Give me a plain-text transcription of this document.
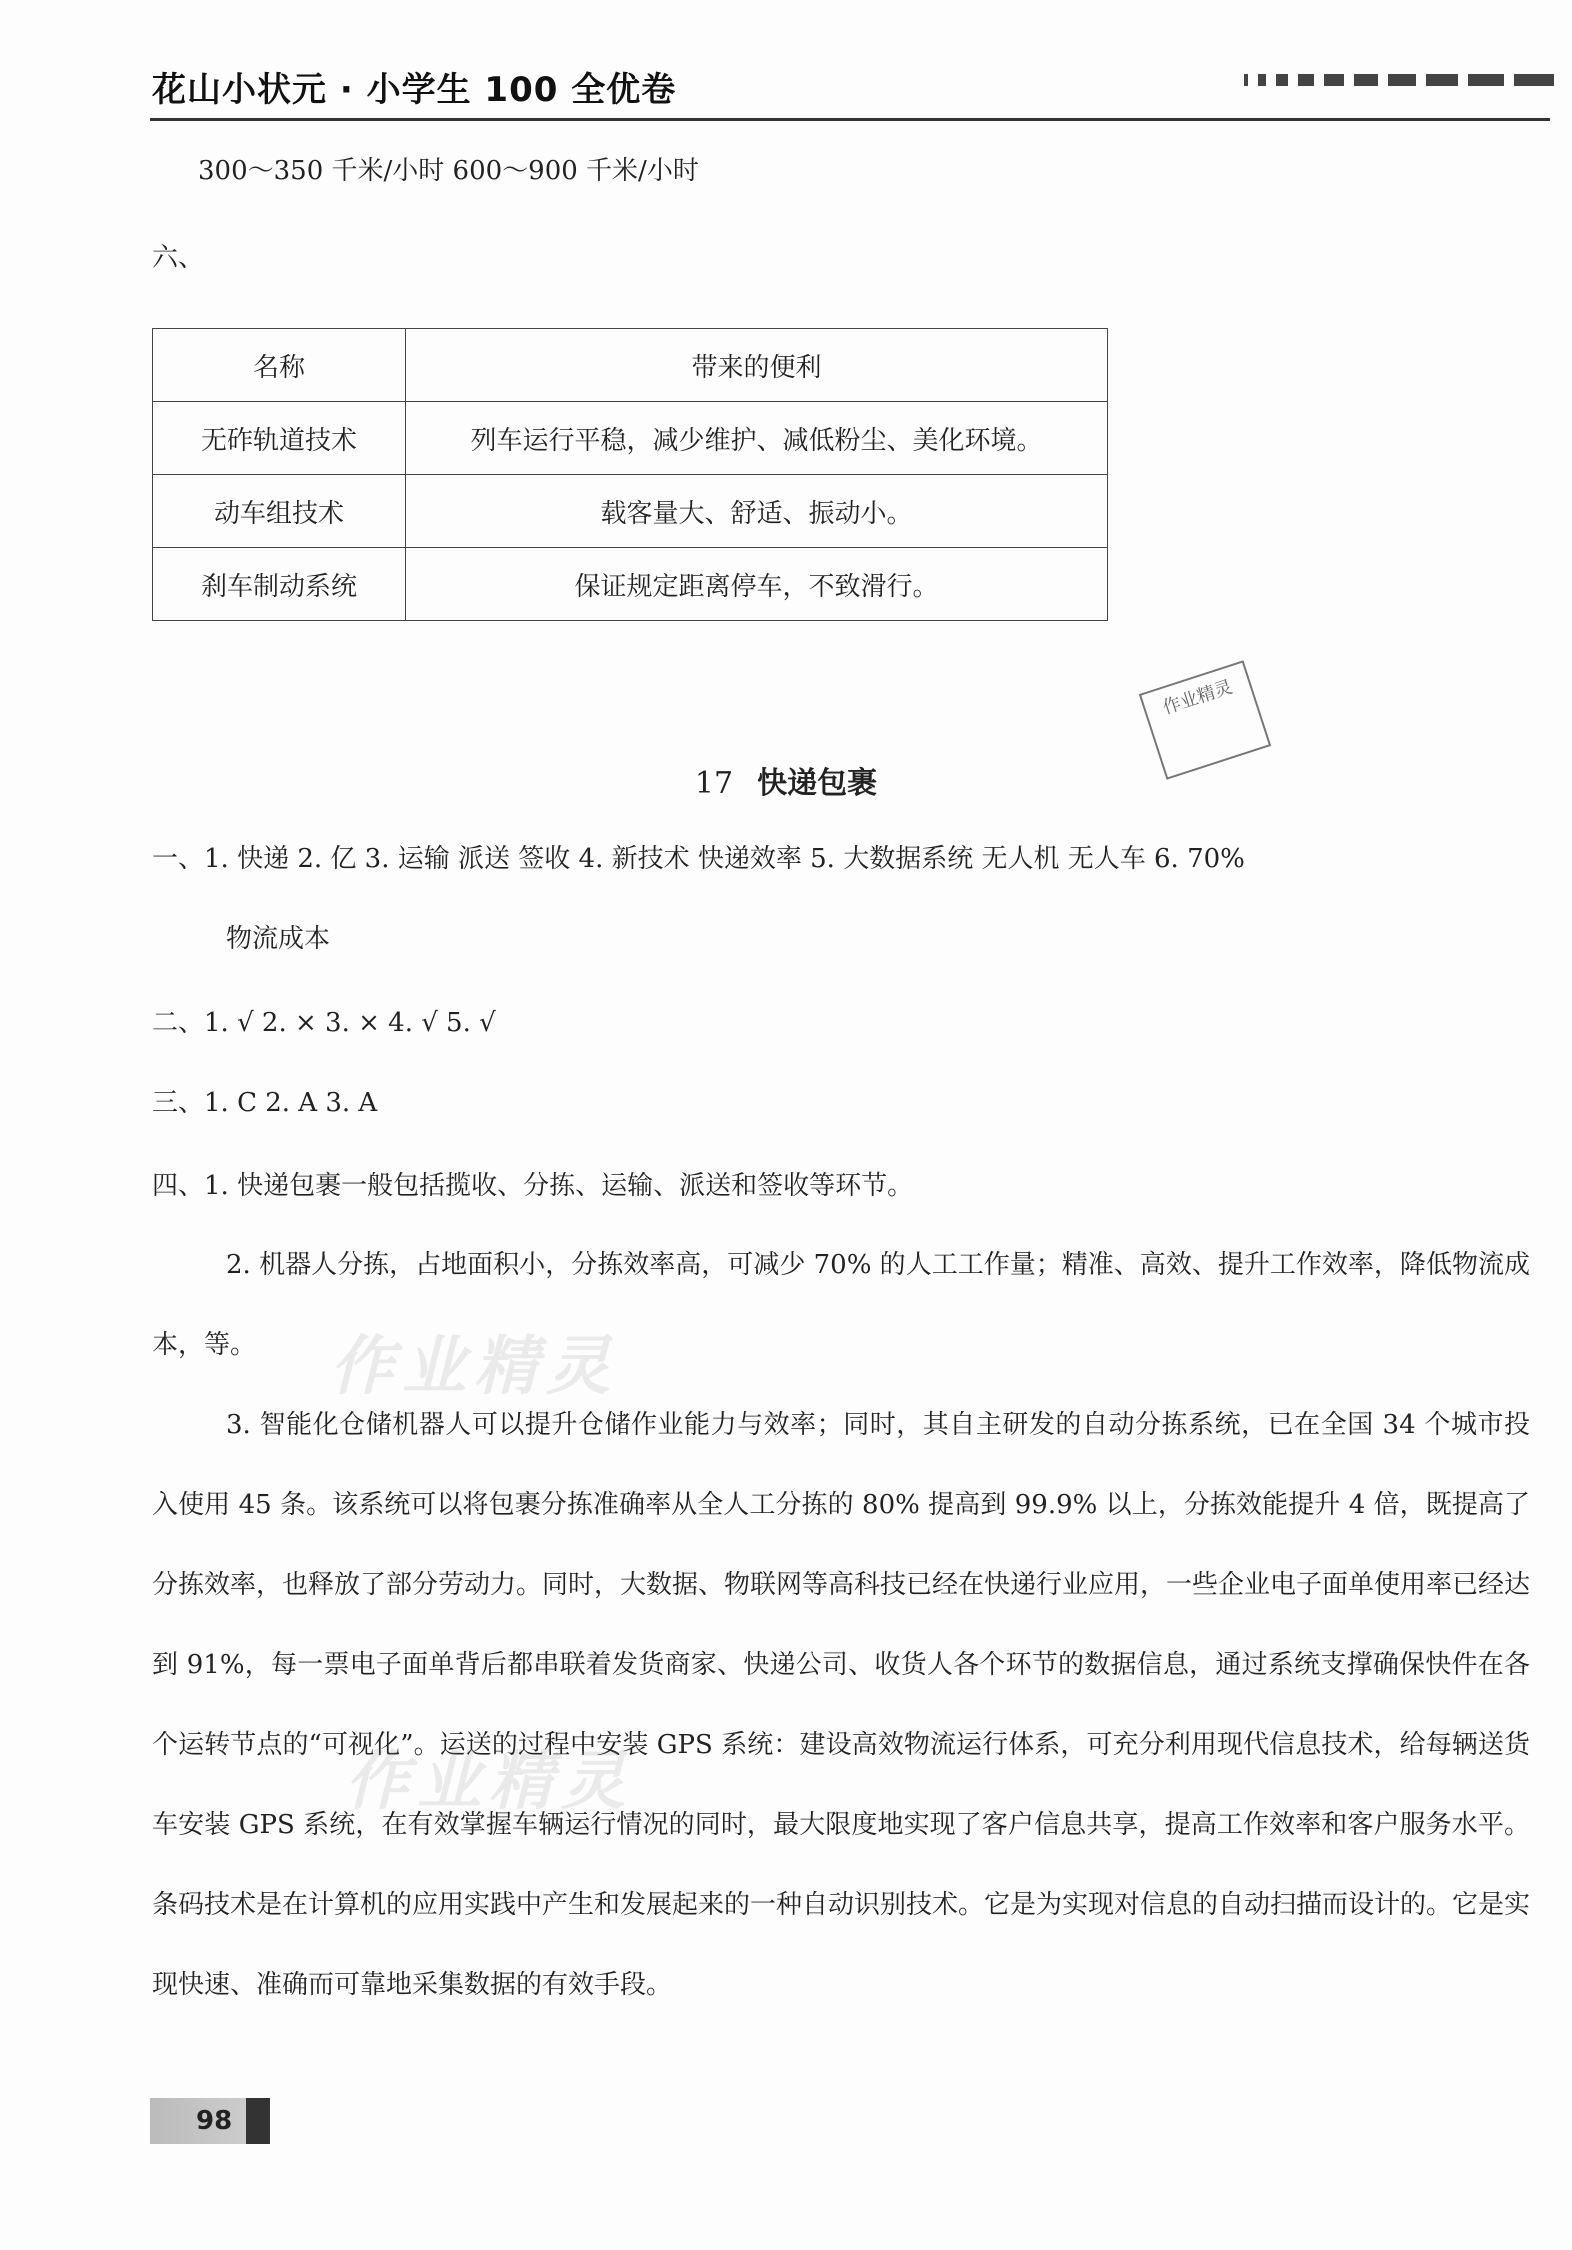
花山小状元 · 小学生 100 全优卷
300～350 千米/小时 600～900 千米/小时
六、
名称	带来的便利
无砟轨道技术	列车运行平稳，减少维护、减低粉尘、美化环境。
动车组技术	载客量大、舒适、振动小。
刹车制动系统	保证规定距离停车，不致滑行。
作业精灵
17 快递包裹
一、1. 快递 2. 亿 3. 运输 派送 签收 4. 新技术 快递效率 5. 大数据系统 无人机 无人车 6. 70%
物流成本
二、1. √ 2. × 3. × 4. √ 5. √
三、1. C 2. A 3. A
四、1. 快递包裹一般包括揽收、分拣、运输、派送和签收等环节。
2. 机器人分拣，占地面积小，分拣效率高，可减少 70% 的人工工作量；精准、高效、提升工作效率，降低物流成本，等。
3. 智能化仓储机器人可以提升仓储作业能力与效率；同时，其自主研发的自动分拣系统，已在全国 34 个城市投入使用 45 条。该系统可以将包裹分拣准确率从全人工分拣的 80% 提高到 99.9% 以上，分拣效能提升 4 倍，既提高了分拣效率，也释放了部分劳动力。同时，大数据、物联网等高科技已经在快递行业应用，一些企业电子面单使用率已经达到 91%，每一票电子面单背后都串联着发货商家、快递公司、收货人各个环节的数据信息，通过系统支撑确保快件在各个运转节点的“可视化”。运送的过程中安装 GPS 系统：建设高效物流运行体系，可充分利用现代信息技术，给每辆送货车安装 GPS 系统，在有效掌握车辆运行情况的同时，最大限度地实现了客户信息共享，提高工作效率和客户服务水平。条码技术是在计算机的应用实践中产生和发展起来的一种自动识别技术。它是为实现对信息的自动扫描而设计的。它是实现快速、准确而可靠地采集数据的有效手段。
作业精灵
作业精灵
98
